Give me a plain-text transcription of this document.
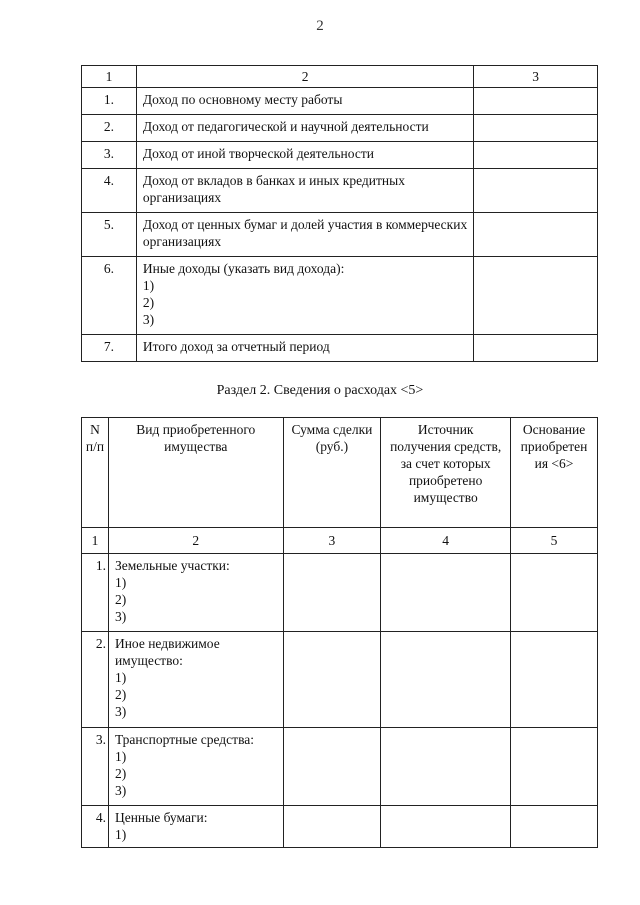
2
1	2	3
1.	Доход по основному месту работы	
2.	Доход от педагогической и научной деятельности	
3.	Доход от иной творческой деятельности	
4.	Доход от вкладов в банках и иных кредитных организациях	
5.	Доход от ценных бумаг и долей участия в коммерческих организациях	
6.	Иные доходы (указать вид дохода):
1)
2)
3)	

7.	Итого доход за отчетный период	
Раздел 2. Сведения о расходах <5>
N п/п	Вид приобретенного имущества	Сумма сделки (руб.)	Источник получения средств, за счет которых приобретено имущество	Основание приобретен ия <6>
1	2	3	4	5
1.	Земельные участки:
1)
2)
3)			

2.	Иное недвижимое имущество:
1)
2)
3)			

3.	Транспортные средства:
1)
2)
3)			

4.	Ценные бумаги:
1)			
